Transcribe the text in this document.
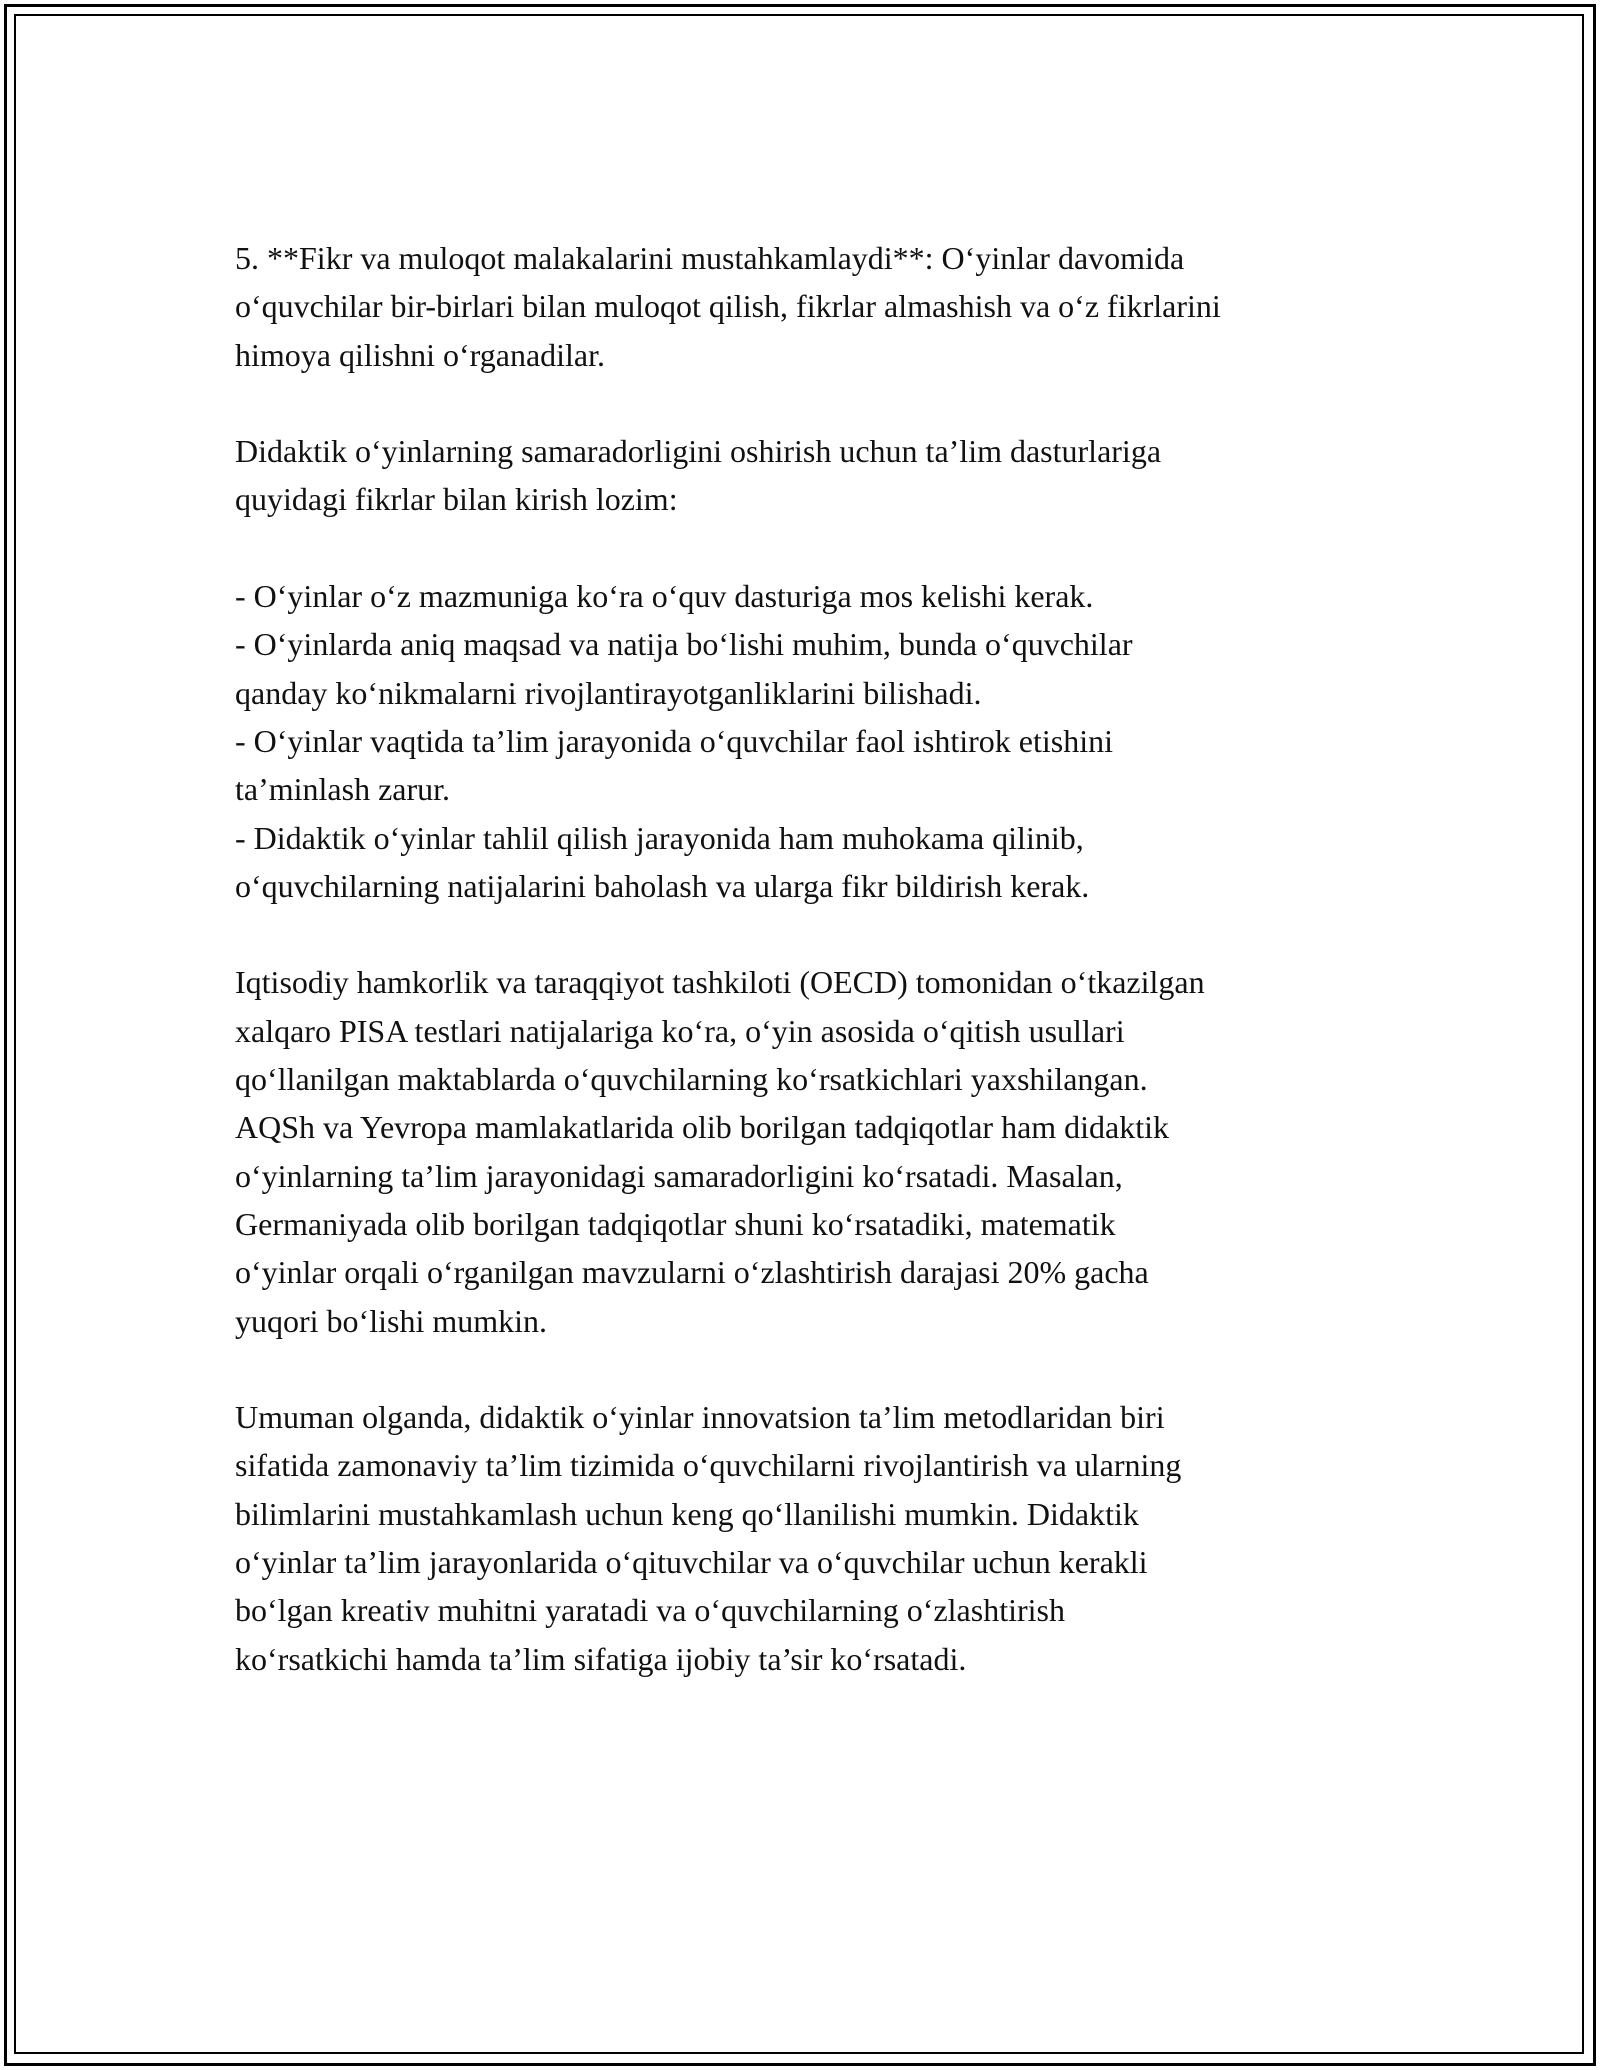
5. **Fikr va muloqot malakalarini mustahkamlaydi**: O‘yinlar davomida
o‘quvchilar bir-birlari bilan muloqot qilish, fikrlar almashish va o‘z fikrlarini
himoya qilishni o‘rganadilar.
Didaktik o‘yinlarning samaradorligini oshirish uchun ta’lim dasturlariga
quyidagi fikrlar bilan kirish lozim:
- O‘yinlar o‘z mazmuniga ko‘ra o‘quv dasturiga mos kelishi kerak.
- O‘yinlarda aniq maqsad va natija bo‘lishi muhim, bunda o‘quvchilar
qanday ko‘nikmalarni rivojlantirayotganliklarini bilishadi.
- O‘yinlar vaqtida ta’lim jarayonida o‘quvchilar faol ishtirok etishini
ta’minlash zarur.
- Didaktik o‘yinlar tahlil qilish jarayonida ham muhokama qilinib,
o‘quvchilarning natijalarini baholash va ularga fikr bildirish kerak.
Iqtisodiy hamkorlik va taraqqiyot tashkiloti (OECD) tomonidan o‘tkazilgan
xalqaro PISA testlari natijalariga ko‘ra, o‘yin asosida o‘qitish usullari
qo‘llanilgan maktablarda o‘quvchilarning ko‘rsatkichlari yaxshilangan.
AQSh va Yevropa mamlakatlarida olib borilgan tadqiqotlar ham didaktik
o‘yinlarning ta’lim jarayonidagi samaradorligini ko‘rsatadi. Masalan,
Germaniyada olib borilgan tadqiqotlar shuni ko‘rsatadiki, matematik
o‘yinlar orqali o‘rganilgan mavzularni o‘zlashtirish darajasi 20% gacha
yuqori bo‘lishi mumkin.
Umuman olganda, didaktik o‘yinlar innovatsion ta’lim metodlaridan biri
sifatida zamonaviy ta’lim tizimida o‘quvchilarni rivojlantirish va ularning
bilimlarini mustahkamlash uchun keng qo‘llanilishi mumkin. Didaktik
o‘yinlar ta’lim jarayonlarida o‘qituvchilar va o‘quvchilar uchun kerakli
bo‘lgan kreativ muhitni yaratadi va o‘quvchilarning o‘zlashtirish
ko‘rsatkichi hamda ta’lim sifatiga ijobiy ta’sir ko‘rsatadi.
